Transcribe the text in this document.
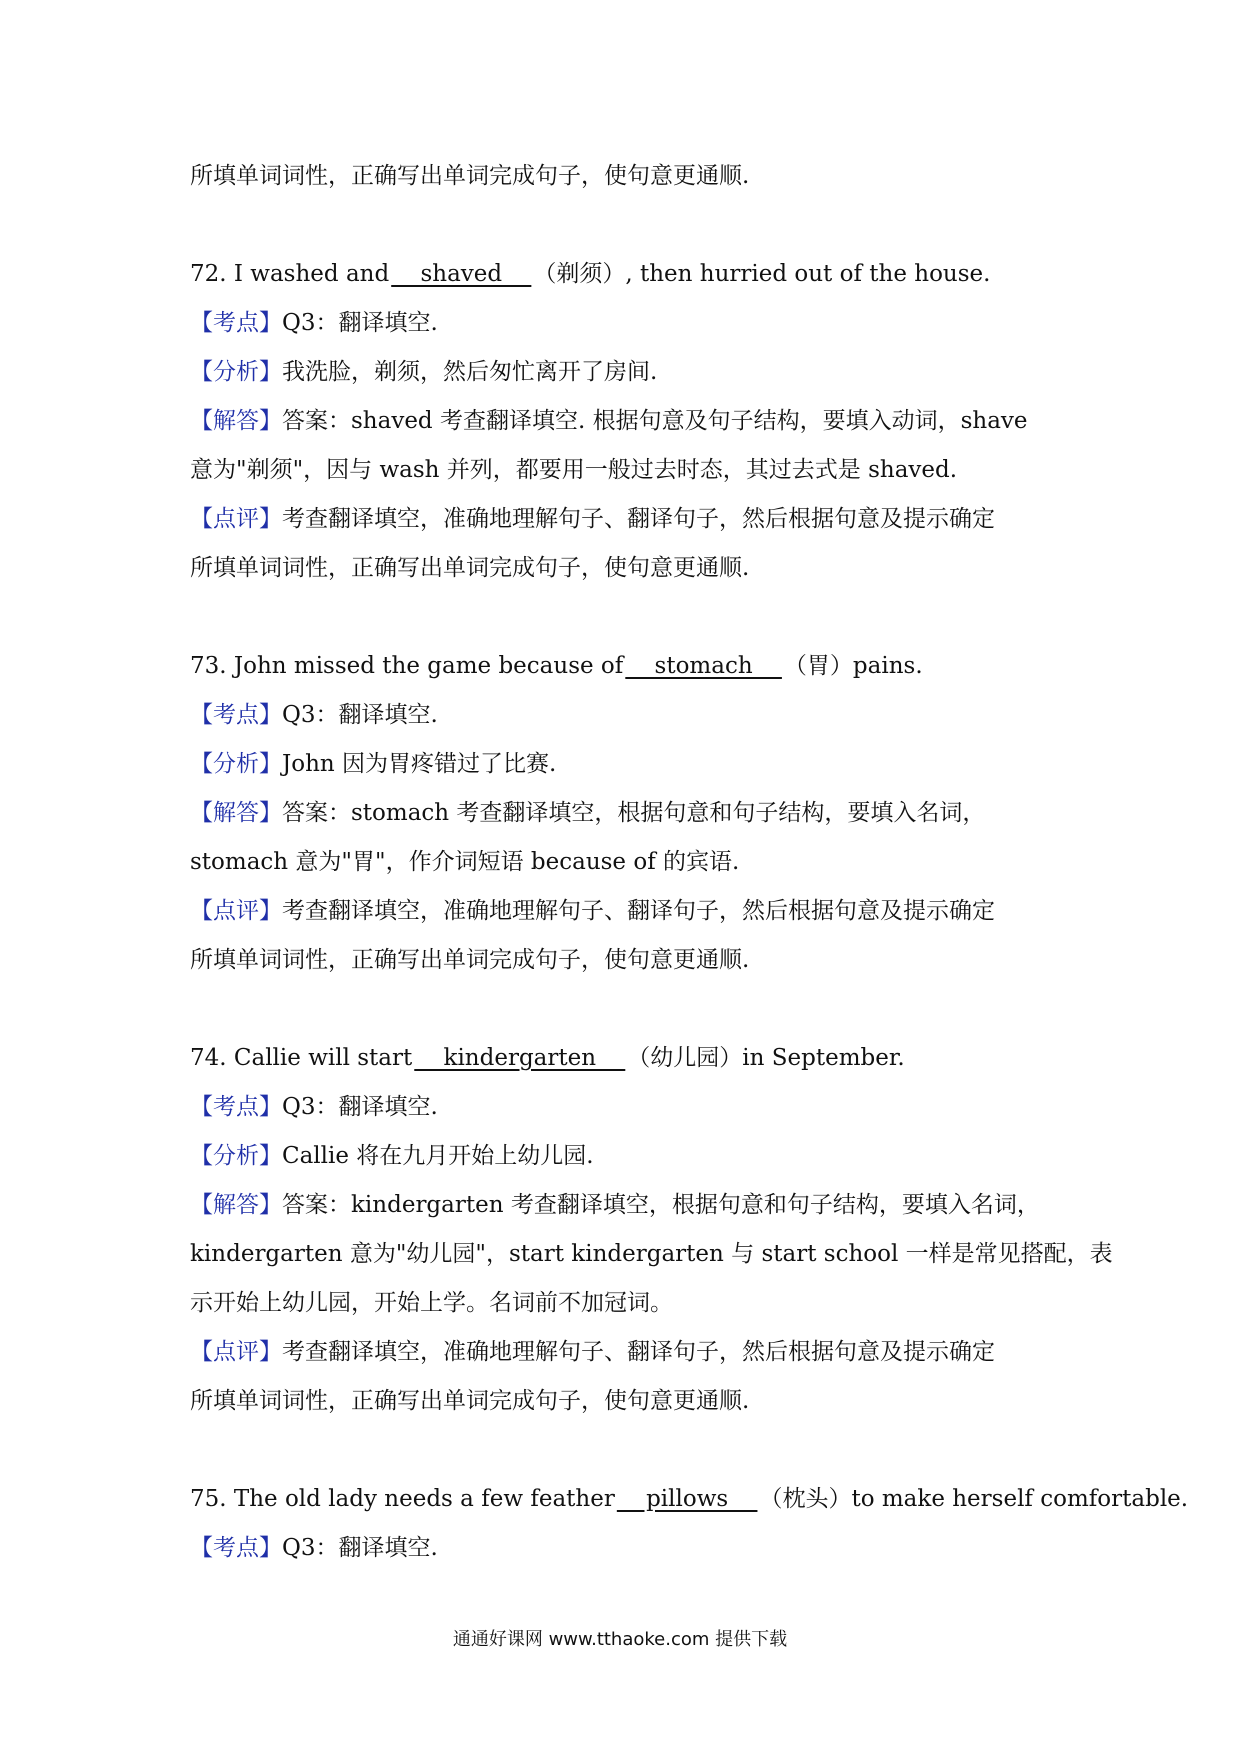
所填单词词性，正确写出单词完成句子，使句意更通顺.
72. I washed and    shaved    （剃须）, then hurried out of the house.
【考点】Q3：翻译填空.
【分析】我洗脸，剃须，然后匆忙离开了房间.
【解答】答案：shaved 考查翻译填空. 根据句意及句子结构，要填入动词，shave
意为"剃须"，因与 wash 并列，都要用一般过去时态，其过去式是 shaved.
【点评】考查翻译填空，准确地理解句子、翻译句子，然后根据句意及提示确定
所填单词词性，正确写出单词完成句子，使句意更通顺.
73. John missed the game because of    stomach    （胃）pains.
【考点】Q3：翻译填空.
【分析】John 因为胃疼错过了比赛.
【解答】答案：stomach 考查翻译填空，根据句意和句子结构，要填入名词，
stomach 意为"胃"，作介词短语 because of 的宾语.
【点评】考查翻译填空，准确地理解句子、翻译句子，然后根据句意及提示确定
所填单词词性，正确写出单词完成句子，使句意更通顺.
74. Callie will start    kindergarten    （幼儿园）in September.
【考点】Q3：翻译填空.
【分析】Callie 将在九月开始上幼儿园.
【解答】答案：kindergarten 考查翻译填空，根据句意和句子结构，要填入名词，
kindergarten 意为"幼儿园"，start kindergarten 与 start school 一样是常见搭配，表
示开始上幼儿园，开始上学。名词前不加冠词。
【点评】考查翻译填空，准确地理解句子、翻译句子，然后根据句意及提示确定
所填单词词性，正确写出单词完成句子，使句意更通顺.
75. The old lady needs a few feather    pillows    （枕头）to make herself comfortable.
【考点】Q3：翻译填空.
通通好课网 www.tthaoke.com 提供下载
